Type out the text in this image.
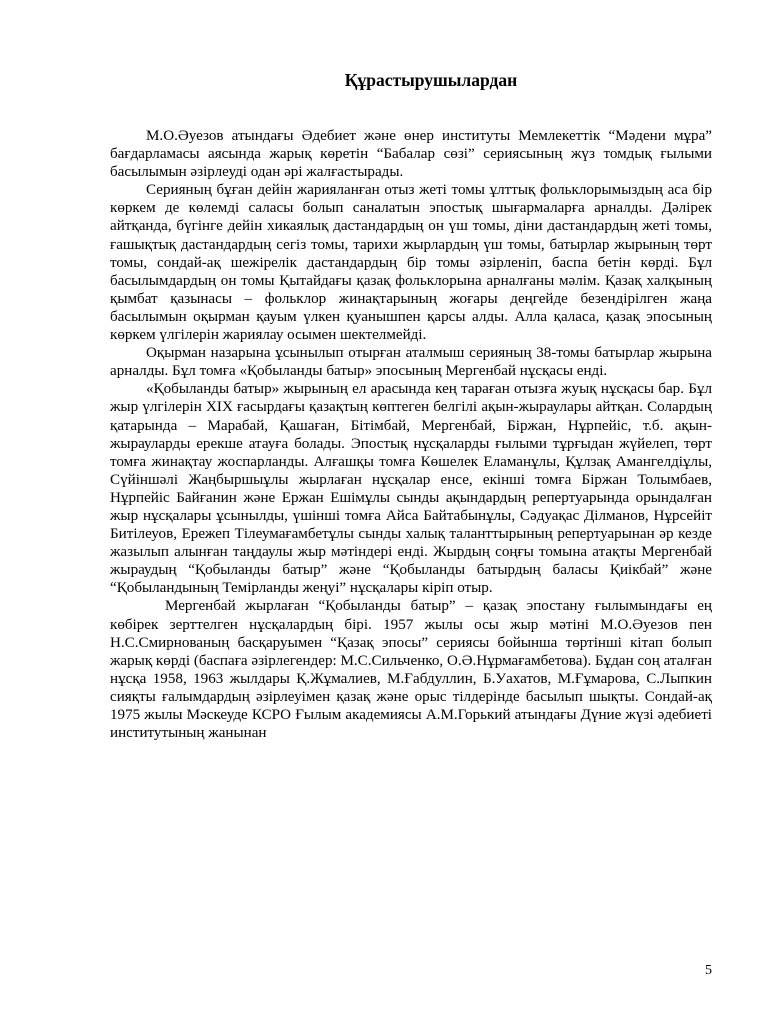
Құрастырушылардан

М.О.Әуезов атындағы Әдебиет және өнер институты Мемлекеттік “Мәдени мұра” бағдарламасы аясында жарық көретін “Бабалар сөзі” сериясының жүз томдық ғылыми басылымын әзірлеуді одан әрі жалғастырады.

Серияның бұған дейін жарияланған отыз жеті томы ұлттық фольклорымыздың аса бір көркем де көлемді саласы болып саналатын эпостық шығармаларға арналды. Дәлірек айтқанда, бүгінге дейін хикаялық дастандардың он үш томы, діни дастандардың жеті томы, ғашықтық дастандардың сегіз томы, тарихи жырлардың үш томы, батырлар жырының төрт томы, сондай-ақ шежірелік дастандардың бір томы әзірленіп, баспа бетін көрді. Бұл басылымдардың он томы Қытайдағы қазақ фольклорына арналғаны мәлім. Қазақ халқының қымбат қазынасы – фольклор жинақтарының жоғары деңгейде безендірілген жаңа басылымын оқырман қауым үлкен қуанышпен қарсы алды. Алла қаласа, қазақ эпосының көркем үлгілерін жариялау осымен шектелмейді.

Оқырман назарына ұсынылып отырған аталмыш серияның 38-томы батырлар жырына арналды. Бұл томға «Қобыланды батыр» эпосының Мергенбай нұсқасы енді.

«Қобыланды батыр» жырының ел арасында кең тараған отызға жуық нұсқасы бар. Бұл жыр үлгілерін ХІХ ғасырдағы қазақтың көптеген белгілі ақын-жыраулары айтқан. Солардың қатарында – Марабай, Қашаған, Бітімбай, Мергенбай, Біржан, Нұрпейіс, т.б. ақын-жырауларды ерекше атауға болады. Эпостық нұсқаларды ғылыми тұрғыдан жүйелеп, төрт томға жинақтау жоспарланды. Алғашқы томға Көшелек Еламанұлы, Құлзақ Амангелдіұлы, Сүйіншәлі Жаңбыршыұлы жырлаған нұсқалар енсе, екінші томға Біржан Толымбаев, Нұрпейіс Байғанин және Ержан Ешімұлы сынды ақындардың репертуарында орындалған жыр нұсқалары ұсынылды, үшінші томға Айса Байтабынұлы, Сәдуақас Ділманов, Нұрсейіт Битілеуов, Ережеп Тілеумағамбетұлы сынды халық таланттырының репертуарынан әр кезде жазылып алынған таңдаулы жыр мәтіндері енді. Жырдың соңғы томына атақты Мергенбай жыраудың “Қобыланды батыр” және “Қобыланды батырдың баласы Қиікбай” және “Қобыландының Темірланды жеңуі” нұсқалары кіріп отыр.

Мергенбай жырлаған “Қобыланды батыр” – қазақ эпостану ғылымындағы ең көбірек зерттелген нұсқалардың бірі. 1957 жылы осы жыр мәтіні М.О.Әуезов пен Н.С.Смирнованың басқаруымен “Қазақ эпосы” сериясы бойынша төртінші кітап болып жарық көрді (баспаға әзірлегендер: М.С.Сильченко, О.Ә.Нұрмағамбетова). Бұдан соң аталған нұсқа 1958, 1963 жылдары Қ.Жұмалиев, М.Ғабдуллин, Б.Уахатов, М.Ғұмарова, С.Лыпкин сияқты ғалымдардың әзірлеуімен қазақ және орыс тілдерінде басылып шықты. Сондай-ақ 1975 жылы Мәскеуде КСРО Ғылым академиясы А.М.Горький атындағы Дүние жүзі әдебиеті институтының жанынан

5
